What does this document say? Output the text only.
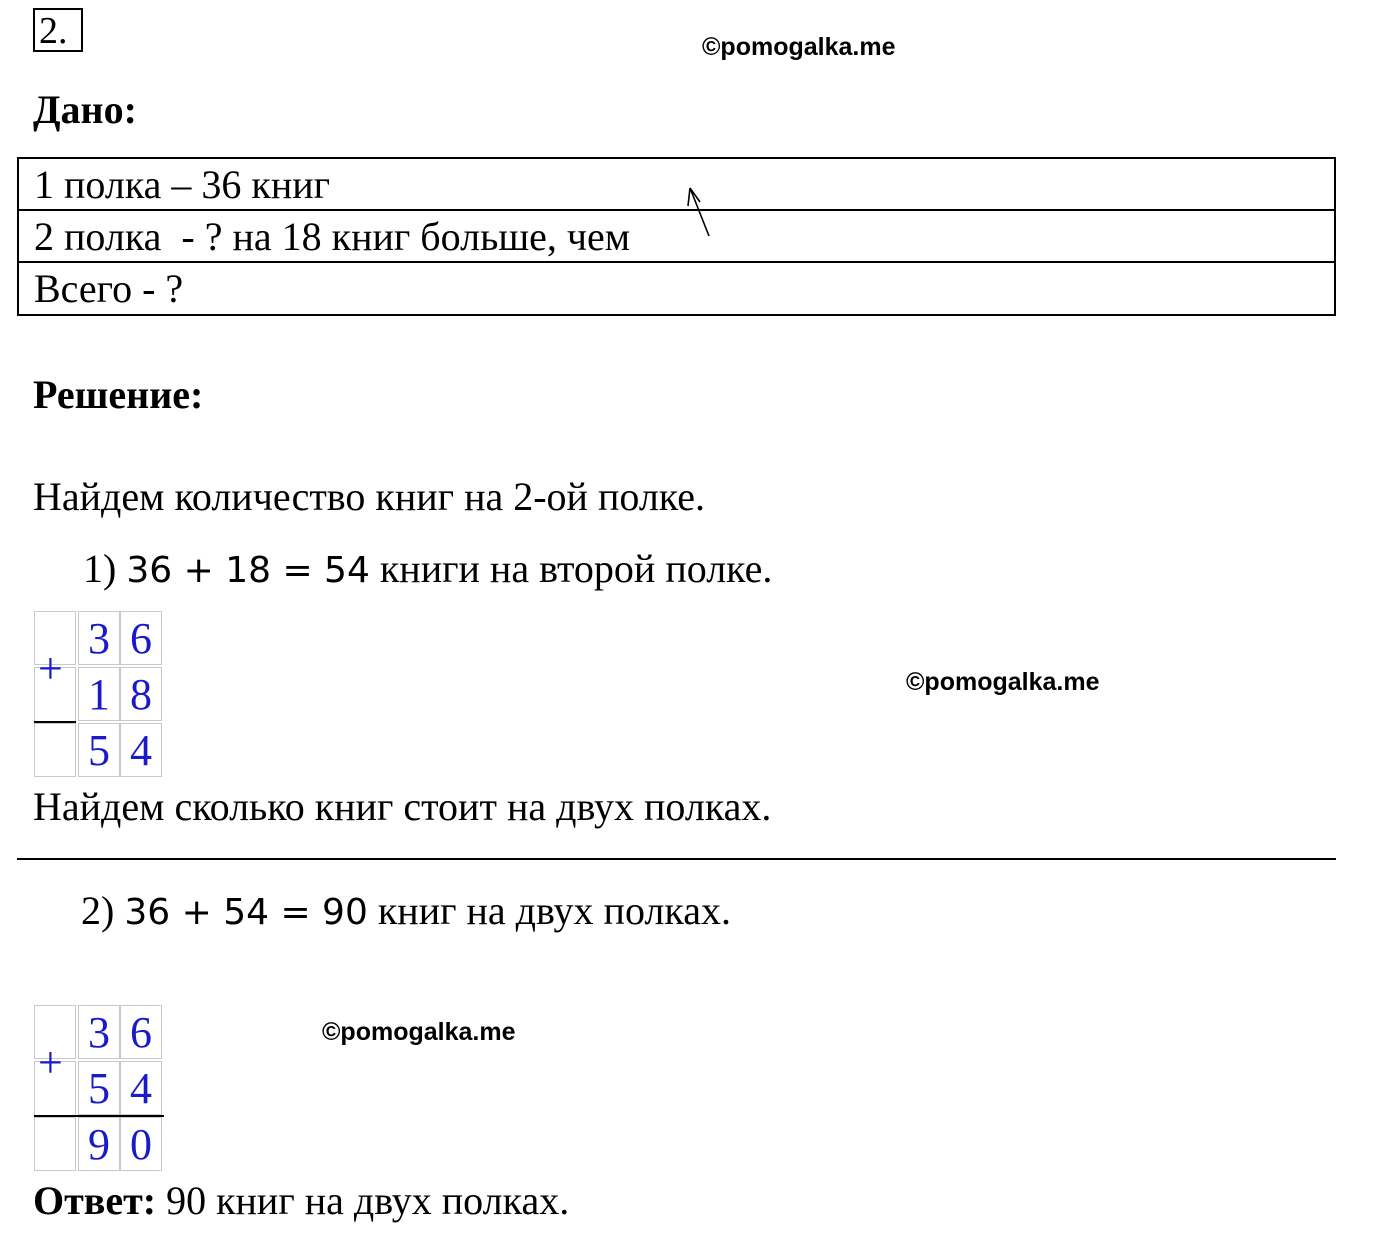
2.	©pomogalka.me
Дано:
1 полка – 36 книг
2 полка  - ? на 18 книг больше, чем
Всего - ?
Решение:
Найдем количество книг на 2-ой полке.
1) 36 + 18 = 54 книги на второй полке.
+
3 6
1 8
5 4
©pomogalka.me
Найдем сколько книг стоит на двух полках.
2) 36 + 54 = 90 книг на двух полках.
+
3 6
5 4
9 0
©pomogalka.me
Ответ: 90 книг на двух полках.
